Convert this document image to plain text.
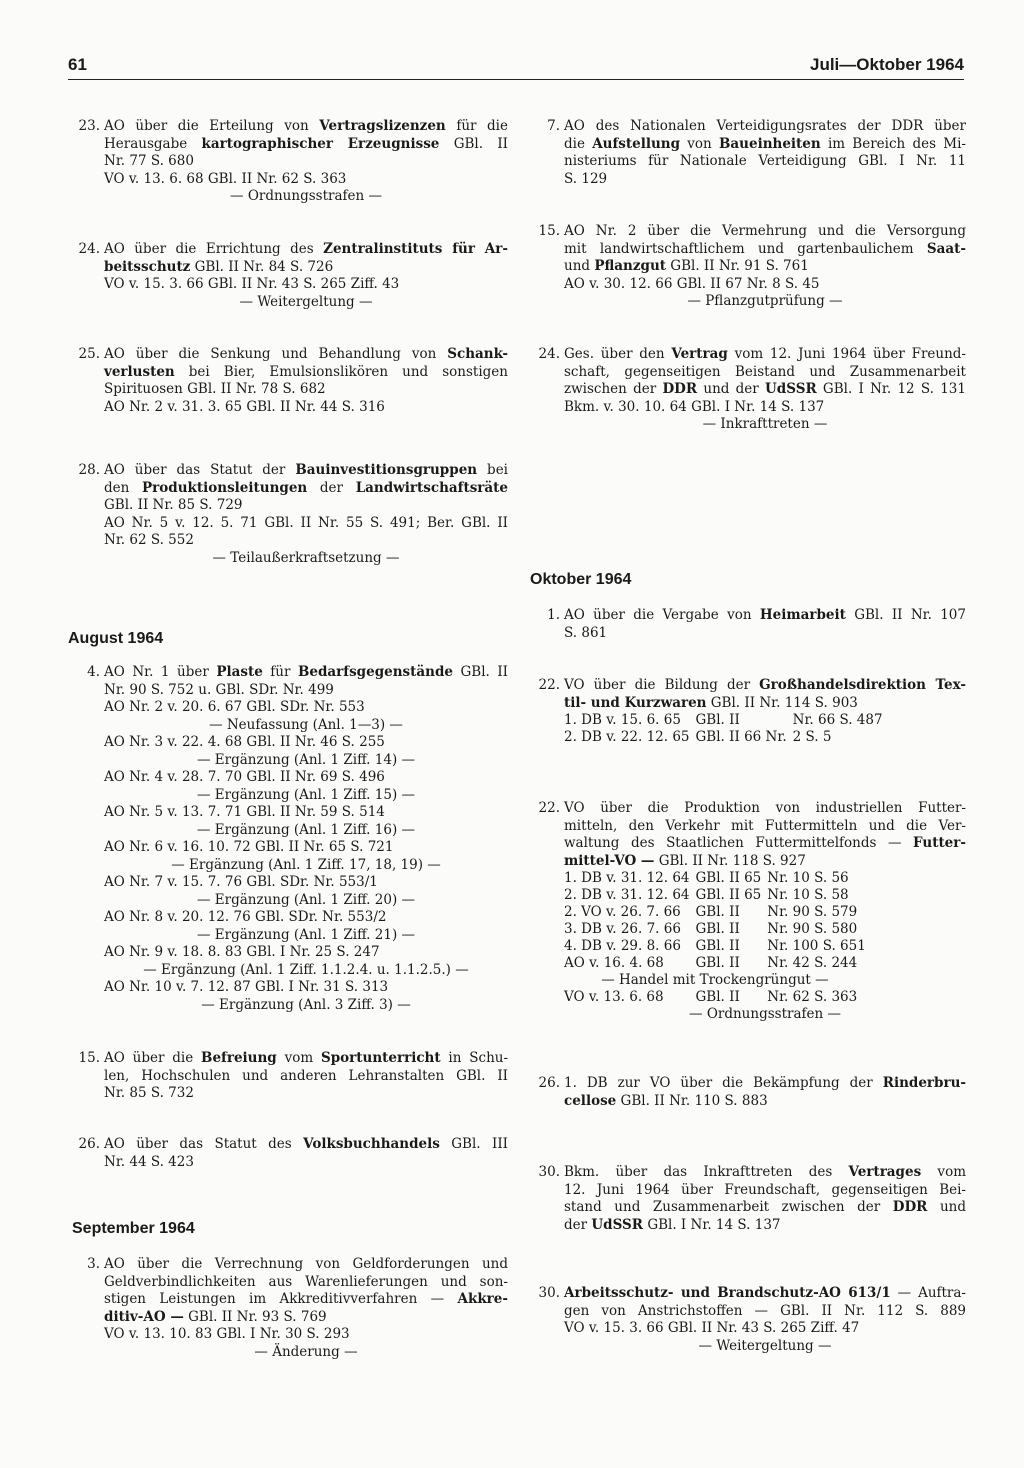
61	Juli—Oktober 1964
23. AO über die Erteilung von Vertragslizenzen für die
Herausgabe kartographischer Erzeugnisse GBl. II
Nr. 77 S. 680
VO v. 13. 6. 68 GBl. II Nr. 62 S. 363
— Ordnungsstrafen —
24. AO über die Errichtung des Zentralinstituts für Ar-
beitsschutz GBl. II Nr. 84 S. 726
VO v. 15. 3. 66 GBl. II Nr. 43 S. 265 Ziff. 43
— Weitergeltung —
25. AO über die Senkung und Behandlung von Schank-
verlusten bei Bier, Emulsionslikören und sonstigen
Spirituosen GBl. II Nr. 78 S. 682
AO Nr. 2 v. 31. 3. 65 GBl. II Nr. 44 S. 316
28. AO über das Statut der Bauinvestitionsgruppen bei
den Produktionsleitungen der Landwirtschaftsräte
GBl. II Nr. 85 S. 729
AO Nr. 5 v. 12. 5. 71 GBl. II Nr. 55 S. 491; Ber. GBl. II
Nr. 62 S. 552
— Teilaußerkraftsetzung —
August 1964
4. AO Nr. 1 über Plaste für Bedarfsgegenstände GBl. II
Nr. 90 S. 752 u. GBl. SDr. Nr. 499
AO Nr. 2 v. 20. 6. 67 GBl. SDr. Nr. 553
— Neufassung (Anl. 1—3) —
AO Nr. 3 v. 22. 4. 68 GBl. II Nr. 46 S. 255
— Ergänzung (Anl. 1 Ziff. 14) —
AO Nr. 4 v. 28. 7. 70 GBl. II Nr. 69 S. 496
— Ergänzung (Anl. 1 Ziff. 15) —
AO Nr. 5 v. 13. 7. 71 GBl. II Nr. 59 S. 514
— Ergänzung (Anl. 1 Ziff. 16) —
AO Nr. 6 v. 16. 10. 72 GBl. II Nr. 65 S. 721
— Ergänzung (Anl. 1 Ziff. 17, 18, 19) —
AO Nr. 7 v. 15. 7. 76 GBl. SDr. Nr. 553/1
— Ergänzung (Anl. 1 Ziff. 20) —
AO Nr. 8 v. 20. 12. 76 GBl. SDr. Nr. 553/2
— Ergänzung (Anl. 1 Ziff. 21) —
AO Nr. 9 v. 18. 8. 83 GBl. I Nr. 25 S. 247
— Ergänzung (Anl. 1 Ziff. 1.1.2.4. u. 1.1.2.5.) —
AO Nr. 10 v. 7. 12. 87 GBl. I Nr. 31 S. 313
— Ergänzung (Anl. 3 Ziff. 3) —
15. AO über die Befreiung vom Sportunterricht in Schu-
len, Hochschulen und anderen Lehranstalten GBl. II
Nr. 85 S. 732
26. AO über das Statut des Volksbuchhandels GBl. III
Nr. 44 S. 423
September 1964
3. AO über die Verrechnung von Geldforderungen und
Geldverbindlichkeiten aus Warenlieferungen und son-
stigen Leistungen im Akkreditivverfahren — Akkre-
ditiv-AO — GBl. II Nr. 93 S. 769
VO v. 13. 10. 83 GBl. I Nr. 30 S. 293
— Änderung —
7. AO des Nationalen Verteidigungsrates der DDR über
die Aufstellung von Baueinheiten im Bereich des Mi-
nisteriums für Nationale Verteidigung GBl. I Nr. 11
S. 129
15. AO Nr. 2 über die Vermehrung und die Versorgung
mit landwirtschaftlichem und gartenbaulichem Saat-
und Pflanzgut GBl. II Nr. 91 S. 761
AO v. 30. 12. 66 GBl. II 67 Nr. 8 S. 45
— Pflanzgutprüfung —
24. Ges. über den Vertrag vom 12. Juni 1964 über Freund-
schaft, gegenseitigen Beistand und Zusammenarbeit
zwischen der DDR und der UdSSR GBl. I Nr. 12 S. 131
Bkm. v. 30. 10. 64 GBl. I Nr. 14 S. 137
— Inkrafttreten —
Oktober 1964
1. AO über die Vergabe von Heimarbeit GBl. II Nr. 107
S. 861
22. VO über die Bildung der Großhandelsdirektion Tex-
til- und Kurzwaren GBl. II Nr. 114 S. 903
1. DB v. 15. 6. 65	GBl. II	Nr. 66 S. 487
2. DB v. 22. 12. 65	GBl. II 66 Nr.	2 S. 5
22. VO über die Produktion von industriellen Futter-
mitteln, den Verkehr mit Futtermitteln und die Ver-
waltung des Staatlichen Futtermittelfonds — Futter-
mittel-VO — GBl. II Nr. 118 S. 927
1. DB v. 31. 12. 64	GBl. II 65	Nr. 10 S. 56
2. DB v. 31. 12. 64	GBl. II 65	Nr. 10 S. 58
2. VO v. 26. 7. 66	GBl. II	Nr. 90 S. 579
3. DB v. 26. 7. 66	GBl. II	Nr. 90 S. 580
4. DB v. 29. 8. 66	GBl. II	Nr. 100 S. 651
AO v. 16. 4. 68	GBl. II	Nr. 42 S. 244
— Handel mit Trockengrüngut —		
VO v. 13. 6. 68	GBl. II	Nr. 62 S. 363
— Ordnungsstrafen —
26. 1. DB zur VO über die Bekämpfung der Rinderbru-
cellose GBl. II Nr. 110 S. 883
30. Bkm. über das Inkrafttreten des Vertrages vom
12. Juni 1964 über Freundschaft, gegenseitigen Bei-
stand und Zusammenarbeit zwischen der DDR und
der UdSSR GBl. I Nr. 14 S. 137
30. Arbeitsschutz- und Brandschutz-AO 613/1 — Auftra-
gen von Anstrichstoffen — GBl. II Nr. 112 S. 889
VO v. 15. 3. 66 GBl. II Nr. 43 S. 265 Ziff. 47
— Weitergeltung —
